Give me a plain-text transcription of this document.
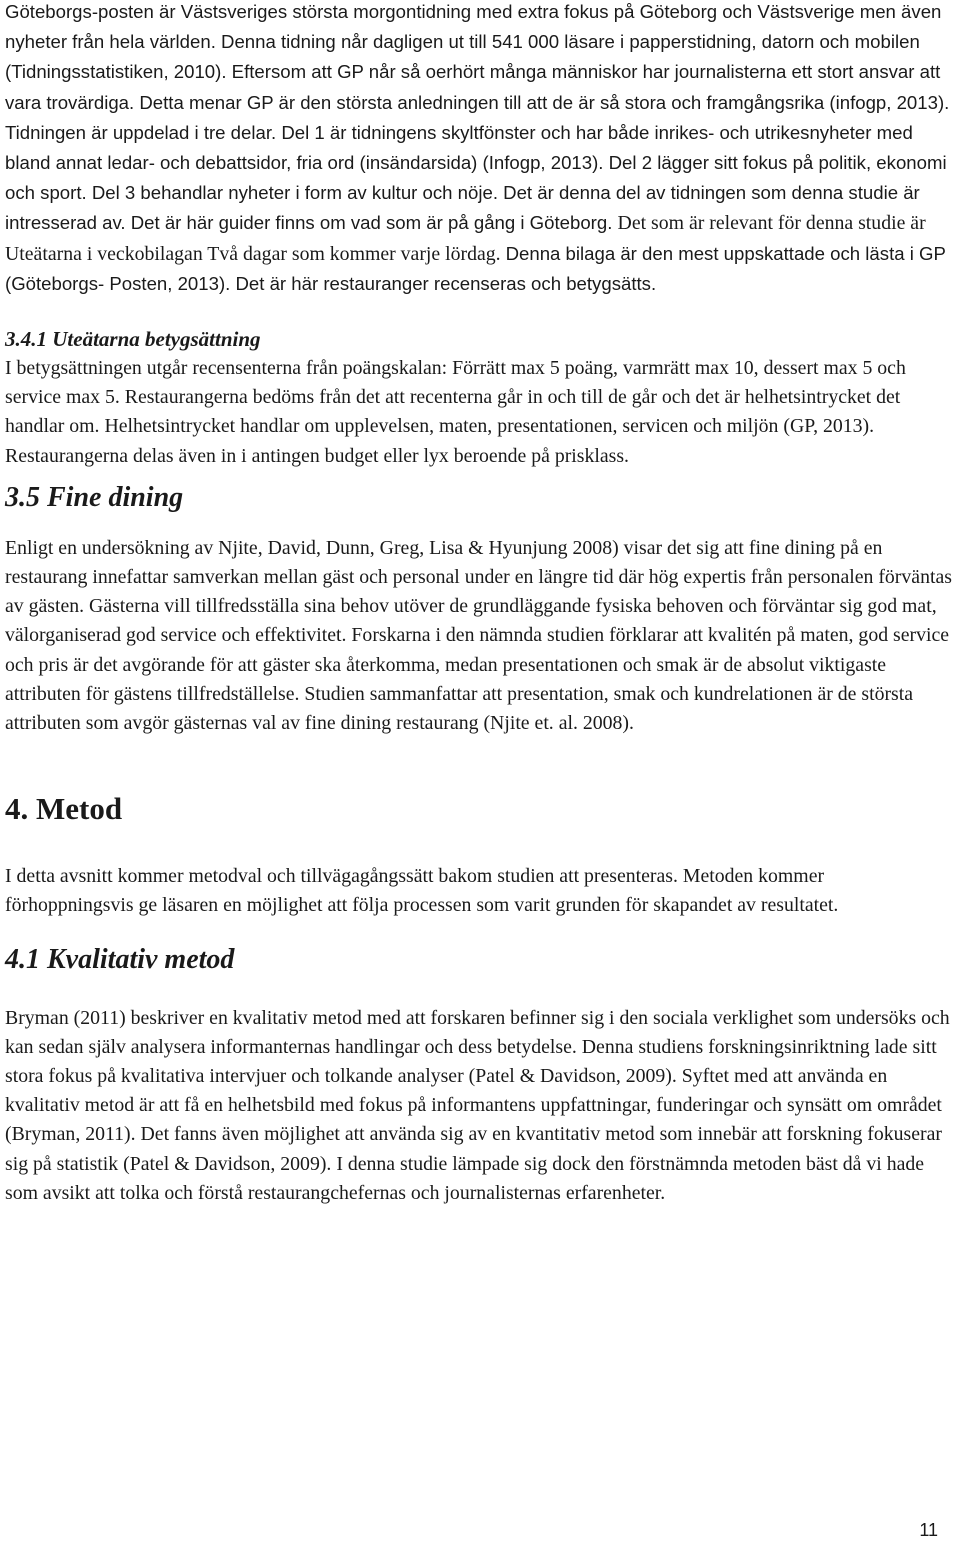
Göteborgs-posten är Västsveriges största morgontidning med extra fokus på Göteborg och Västsverige men även nyheter från hela världen. Denna tidning når dagligen ut till 541 000 läsare i papperstidning, datorn och mobilen (Tidningsstatistiken, 2010). Eftersom att GP når så oerhört många människor har journalisterna ett stort ansvar att vara trovärdiga. Detta menar GP är den största anledningen till att de är så stora och framgångsrika (infogp, 2013). Tidningen är uppdelad i tre delar. Del 1 är tidningens skyltfönster och har både inrikes- och utrikesnyheter med bland annat ledar- och debattsidor, fria ord (insändarsida) (Infogp, 2013). Del 2 lägger sitt fokus på politik, ekonomi och sport. Del 3 behandlar nyheter i form av kultur och nöje. Det är denna del av tidningen som denna studie är intresserad av. Det är här guider finns om vad som är på gång i Göteborg. Det som är relevant för denna studie är Uteätarna i veckobilagan Två dagar som kommer varje lördag. Denna bilaga är den mest uppskattade och lästa i GP (Göteborgs- Posten, 2013). Det är här restauranger recenseras och betygsätts.

3.4.1 Uteätarna betygsättning

I betygsättningen utgår recensenterna från poängskalan: Förrätt max 5 poäng, varmrätt max 10, dessert max 5 och service max 5. Restaurangerna bedöms från det att recenterna går in och till de går och det är helhetsintrycket det handlar om. Helhetsintrycket handlar om upplevelsen, maten, presentationen, servicen och miljön (GP, 2013). Restaurangerna delas även in i antingen budget eller lyx beroende på prisklass.

3.5 Fine dining

Enligt en undersökning av Njite, David, Dunn, Greg, Lisa & Hyunjung 2008) visar det sig att fine dining på en restaurang innefattar samverkan mellan gäst och personal under en längre tid där hög expertis från personalen förväntas av gästen. Gästerna vill tillfredsställa sina behov utöver de grundläggande fysiska behoven och förväntar sig god mat, välorganiserad god service och effektivitet. Forskarna i den nämnda studien förklarar att kvalitén på maten, god service och pris är det avgörande för att gäster ska återkomma, medan presentationen och smak är de absolut viktigaste attributen för gästens tillfredställelse. Studien sammanfattar att presentation, smak och kundrelationen är de största attributen som avgör gästernas val av fine dining restaurang (Njite et. al. 2008).

4. Metod

I detta avsnitt kommer metodval och tillvägagångssätt bakom studien att presenteras. Metoden kommer förhoppningsvis ge läsaren en möjlighet att följa processen som varit grunden för skapandet av resultatet.

4.1 Kvalitativ metod

Bryman (2011) beskriver en kvalitativ metod med att forskaren befinner sig i den sociala verklighet som undersöks och kan sedan själv analysera informanternas handlingar och dess betydelse. Denna studiens forskningsinriktning lade sitt stora fokus på kvalitativa intervjuer och tolkande analyser (Patel & Davidson, 2009). Syftet med att använda en kvalitativ metod är att få en helhetsbild med fokus på informantens uppfattningar, funderingar och synsätt om området (Bryman, 2011). Det fanns även möjlighet att använda sig av en kvantitativ metod som innebär att forskning fokuserar sig på statistik (Patel & Davidson, 2009). I denna studie lämpade sig dock den förstnämnda metoden bäst då vi hade som avsikt att tolka och förstå restaurangchefernas och journalisternas erfarenheter.

11
